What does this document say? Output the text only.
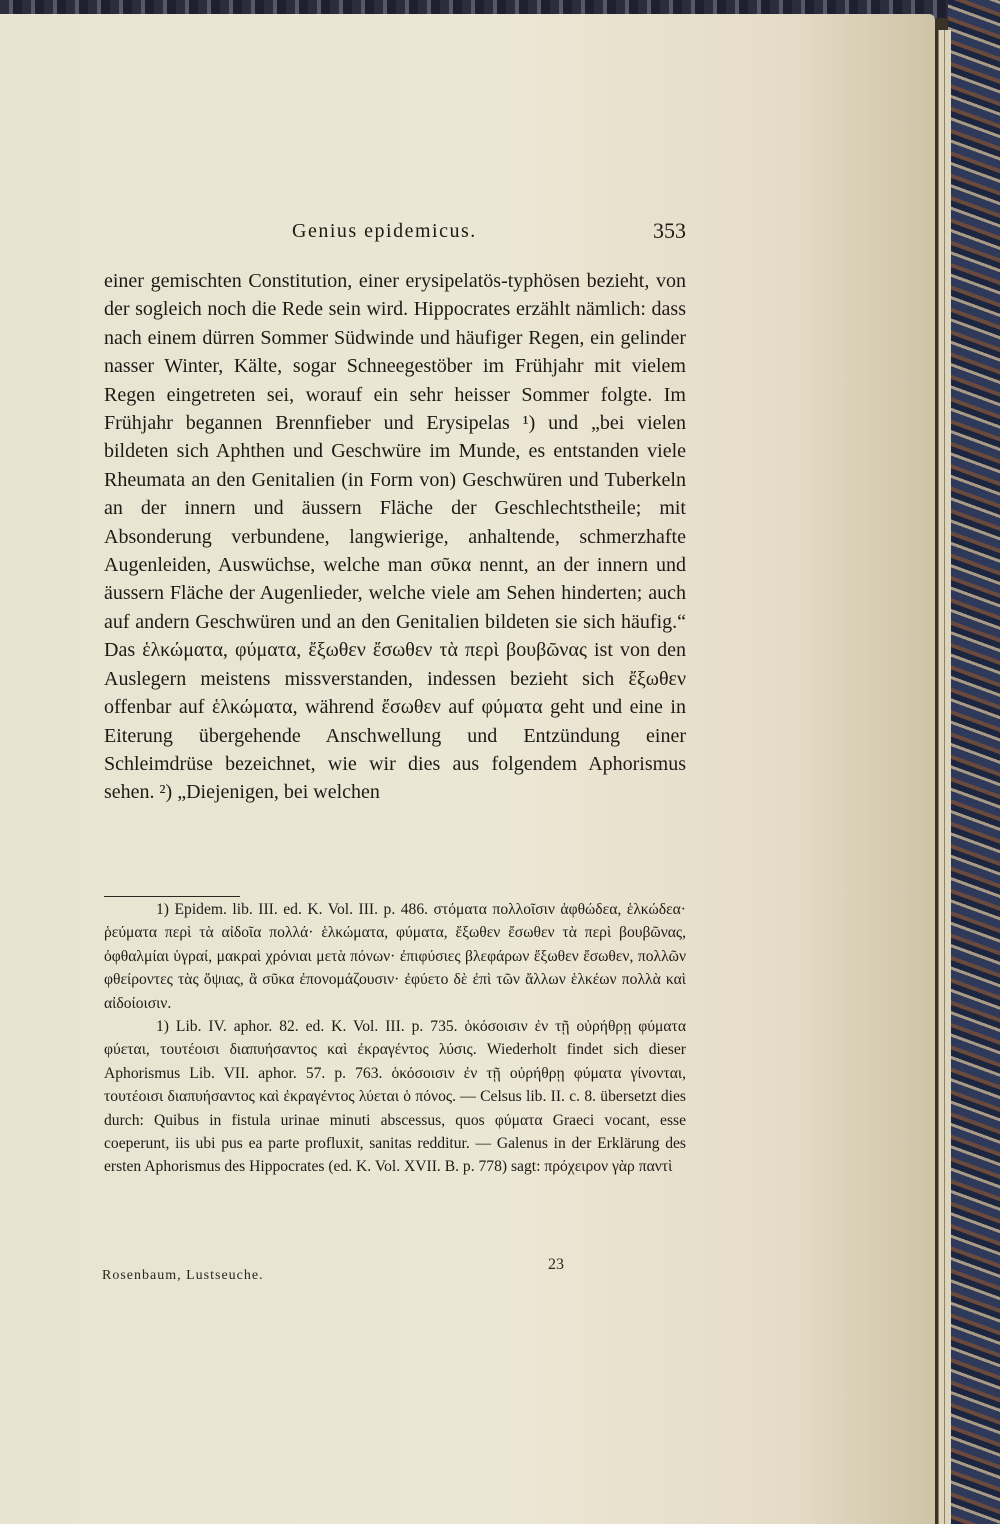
Genius epidemicus.	353

einer gemischten Constitution, einer erysipelatös-typhösen bezieht, von der sogleich noch die Rede sein wird. Hippocrates erzählt nämlich: dass nach einem dürren Sommer Südwinde und häufiger Regen, ein gelinder nasser Winter, Kälte, sogar Schneegestöber im Frühjahr mit vielem Regen eingetreten sei, worauf ein sehr heisser Sommer folgte. Im Frühjahr begannen Brennfieber und Erysipelas ¹) und „bei vielen bildeten sich Aphthen und Geschwüre im Munde, es entstanden viele Rheumata an den Genitalien (in Form von) Geschwüren und Tuberkeln an der innern und äussern Fläche der Geschlechtstheile; mit Absonderung verbundene, langwierige, anhaltende, schmerzhafte Augenleiden, Auswüchse, welche man σῦκα nennt, an der innern und äussern Fläche der Augenlieder, welche viele am Sehen hinderten; auch auf andern Geschwüren und an den Genitalien bildeten sie sich häufig.“ Das ἑλκώματα, φύματα, ἔξωθεν ἔσωθεν τὰ περὶ βουβῶνας ist von den Auslegern meistens missverstanden, indessen bezieht sich ἔξωθεν offenbar auf ἑλκώματα, während ἔσωθεν auf φύματα geht und eine in Eiterung übergehende Anschwellung und Entzündung einer Schleimdrüse bezeichnet, wie wir dies aus folgendem Aphorismus sehen. ²) „Diejenigen, bei welchen

1) Epidem. lib. III. ed. K. Vol. III. p. 486. στόματα πολλοῖσιν ἀφθώδεα, ἑλκώδεα· ῥεύματα περὶ τὰ αἰδοῖα πολλά· ἑλκώματα, φύματα, ἔξωθεν ἔσωθεν τὰ περὶ βουβῶνας, ὀφθαλμίαι ὑγραί, μακραὶ χρόνιαι μετὰ πόνων· ἐπιφύσιες βλεφάρων ἔξωθεν ἔσωθεν, πολλῶν φθείροντες τὰς ὄψιας, ἃ σῦκα ἐπονομάζουσιν· ἐφύετο δὲ ἐπὶ τῶν ἄλλων ἑλκέων πολλὰ καὶ αἰδοίοισιν.

1) Lib. IV. aphor. 82. ed. K. Vol. III. p. 735. ὁκόσοισιν ἐν τῇ οὐρήθρῃ φύματα φύεται, τουτέοισι διαπυήσαντος καὶ ἐκραγέντος λύσις. Wiederholt findet sich dieser Aphorismus Lib. VII. aphor. 57. p. 763. ὁκόσοισιν ἐν τῇ οὐρήθρῃ φύματα γίνονται, τουτέοισι διαπυήσαντος καὶ ἐκραγέντος λύεται ὁ πόνος. — Celsus lib. II. c. 8. übersetzt dies durch: Quibus in fistula urinae minuti abscessus, quos φύματα Graeci vocant, esse coeperunt, iis ubi pus ea parte profluxit, sanitas redditur. — Galenus in der Erklärung des ersten Aphorismus des Hippocrates (ed. K. Vol. XVII. B. p. 778) sagt: πρόχειρον γὰρ παντὶ

Rosenbaum, Lustseuche.
23
